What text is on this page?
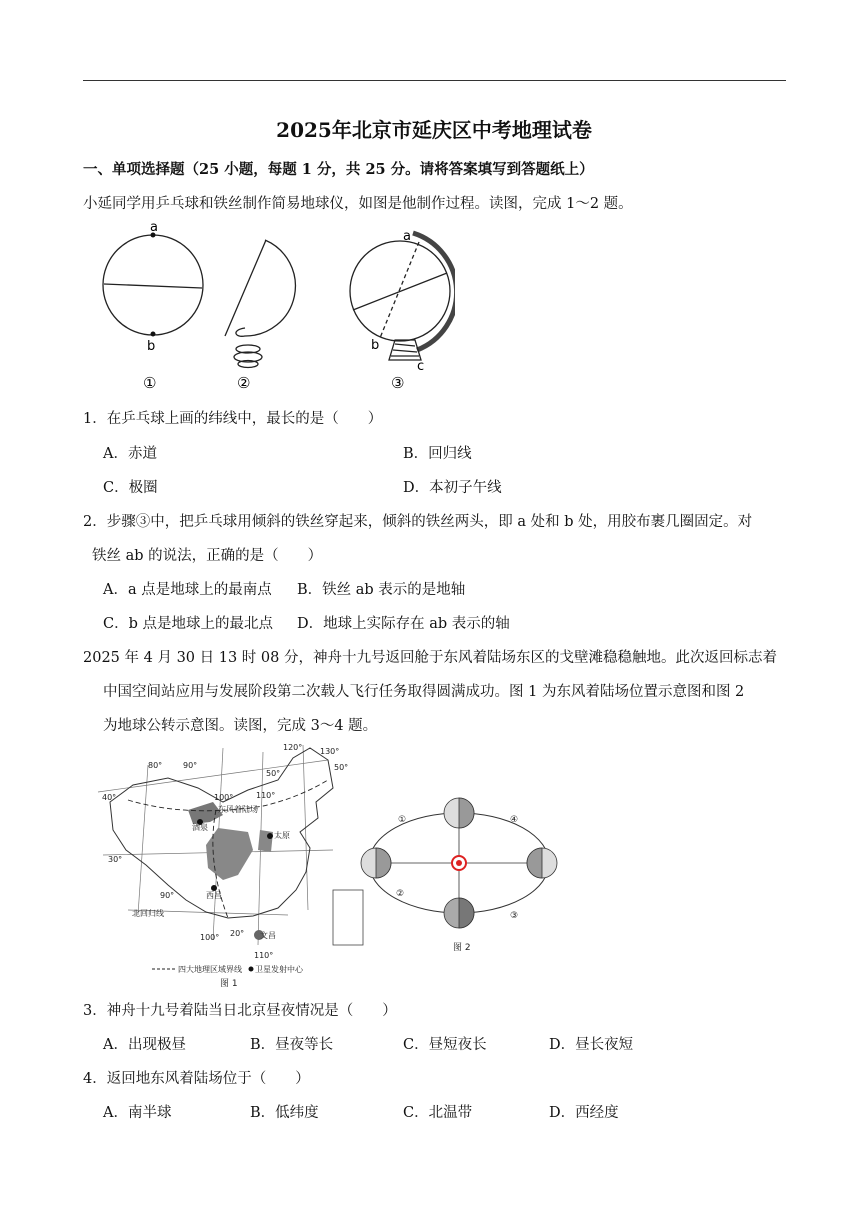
2025年北京市延庆区中考地理试卷
一、单项选择题（25 小题，每题 1 分，共 25 分。请将答案填写到答题纸上）
小延同学用乒乓球和铁丝制作简易地球仪，如图是他制作过程。读图，完成 1～2 题。
a
b
a
b
c
①	②	③
1．在乒乓球上画的纬线中，最长的是（　　）
A．赤道	B．回归线
C．极圈	D．本初子午线
2．步骤③中，把乒乓球用倾斜的铁丝穿起来，倾斜的铁丝两头，即 a 处和 b 处，用胶布裹几圈固定。对
铁丝 ab 的说法，正确的是（　　）
A．a 点是地球上的最南点 B．铁丝 ab 表示的是地轴
C．b 点是地球上的最北点 D．地球上实际存在 ab 表示的轴
2025 年 4 月 30 日 13 时 08 分，神舟十九号返回舱于东风着陆场东区的戈壁滩稳稳触地。此次返回标志着
中国空间站应用与发展阶段第二次载人飞行任务取得圆满成功。图 1 为东风着陆场位置示意图和图 2
为地球公转示意图。读图，完成 3～4 题。
80°	90°
100°	110°
120° 130°
50°
50°
40°
30°
20°
90°
100°
110°
东风着陆场
酒泉
太原
西昌
文昌
北回归线
四大地理区域界线 卫星发射中心
图 1
①
②
③
④
图 2
3．神舟十九号着陆当日北京昼夜情况是（　　）
A．出现极昼	B．昼夜等长	C．昼短夜长	D．昼长夜短
4．返回地东风着陆场位于（　　）
A．南半球	B．低纬度	C．北温带	D．西经度
